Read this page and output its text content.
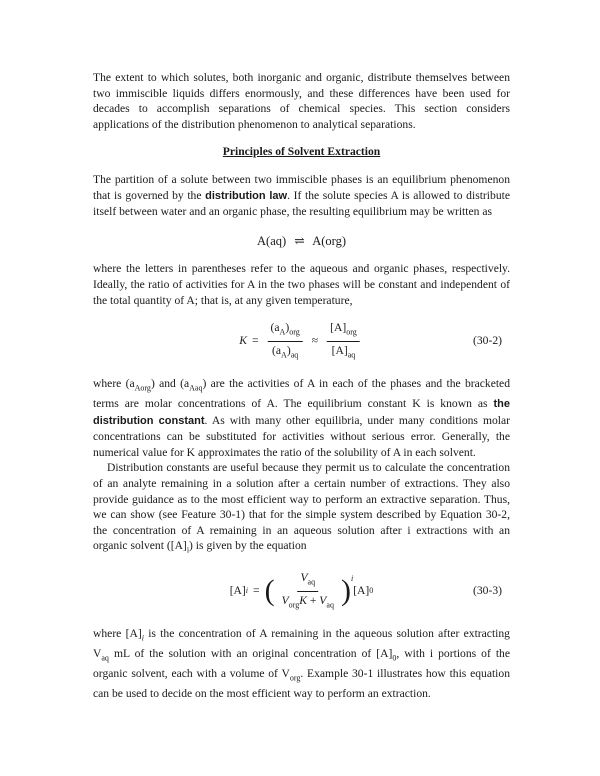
The extent to which solutes, both inorganic and organic, distribute themselves between two immiscible liquids differs enormously, and these differences have been used for decades to accomplish separations of chemical species. This section considers applications of the distribution phenomenon to analytical separations.

Principles of Solvent Extraction

The partition of a solute between two immiscible phases is an equilibrium phenomenon that is governed by the distribution law. If the solute species A is allowed to distribute itself between water and an organic phase, the resulting equilibrium may be written as

A(aq) ⇌ A(org)

where the letters in parentheses refer to the aqueous and organic phases, respectively. Ideally, the ratio of activities for A in the two phases will be constant and independent of the total quantity of A; that is, at any given temperature,

$K = \frac{(a_A)_{org}}{(a_A)_{aq}} \approx \frac{[A]_{org}}{[A]_{aq}}$	(30-2)

where $(a_{Aorg})$ and $(a_{Aaq})$ are the activities of A in each of the phases and the bracketed terms are molar concentrations of A. The equilibrium constant K is known as the distribution constant. As with many other equilibria, under many conditions molar concentrations can be substituted for activities without serious error. Generally, the numerical value for K approximates the ratio of the solubility of A in each solvent.

Distribution constants are useful because they permit us to calculate the concentration of an analyte remaining in a solution after a certain number of extractions. They also provide guidance as to the most efficient way to perform an extractive separation. Thus, we can show (see Feature 30-1) that for the simple system described by Equation 30-2, the concentration of A remaining in an aqueous solution after i extractions with an organic solvent $([A]_i)$ is given by the equation

[A] i = ( $\frac{V_{aq}}{V_{org}K + V_{aq}}$ ) $^i$
[A] 0	(30-3)

where $[A]_i$ is the concentration of A remaining in the aqueous solution after extracting $V_{aq}$ mL of the solution with an original concentration of $[A]_0$, with i portions of the organic solvent, each with a volume of $V_{org}$. Example 30-1 illustrates how this equation can be used to decide on the most efficient way to perform an extraction.
